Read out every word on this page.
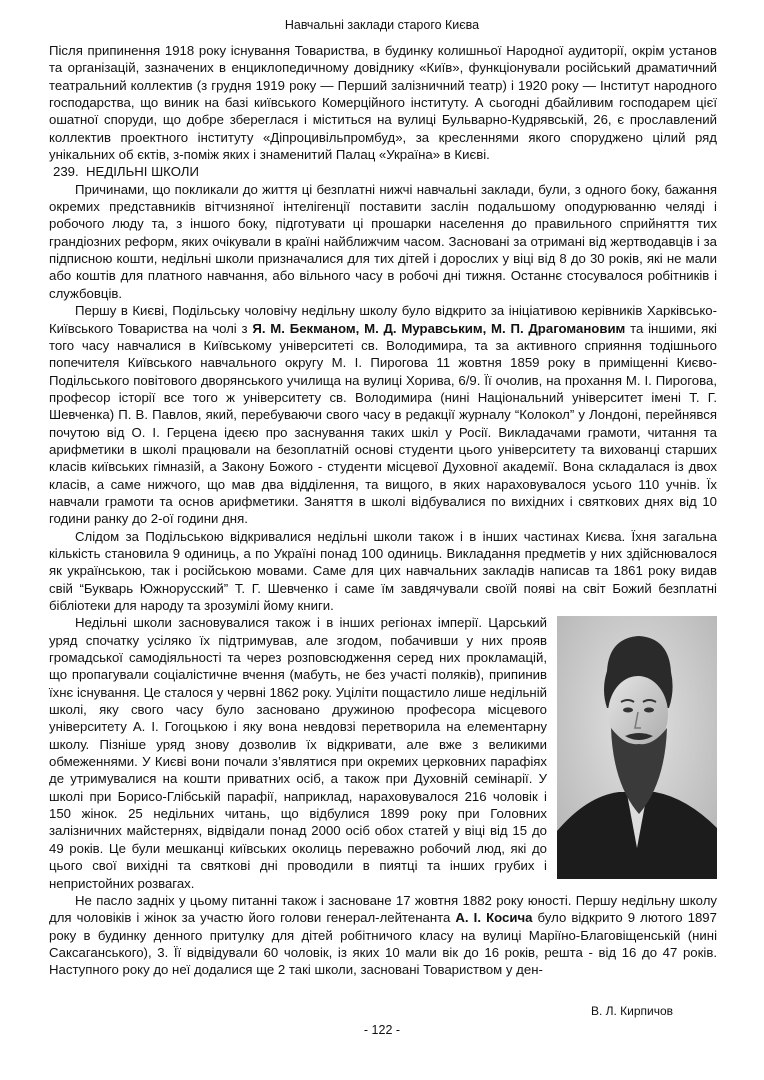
Навчальні заклади старого Києва

Після припинення 1918 року існування Товариства, в будинку колишньої Народної аудиторії, окрім установ та організацій, зазначених в енциклопедичному довіднику «Київ», функціонували російський драматичний театральний коллектив (з грудня 1919 року — Перший залізничний театр) і 1920 року — Інститут народного господарства, що виник на базі київського Комерційного інституту. А сьогодні дбайливим господарем цієї ошатної споруди, що добре збереглася і міститься на вулиці Бульварно-Кудрявській, 26, є прославлений коллектив проектного інституту «Діпроцивільпромбуд», за кресленнями якого споруджено цілий ряд унікальних об єктів, з-поміж яких і знаменитий Палац «Україна» в Києві.

239. НЕДІЛЬНІ ШКОЛИ

Причинами, що покликали до життя ці безплатні нижчі навчальні заклади, були, з одного боку, бажання окремих представників вітчизняної інтелігенції поставити заслін подальшому оподурюванню челяді і робочого люду та, з іншого боку, підготувати ці прошарки населення до правильного сприйняття тих грандіозних реформ, яких очікували в країні найближчим часом. Засновані за отриманi від жертводавців і за підписною кошти, недільні школи призначалися для тих дітей і дорослих у віці від 8 до 30 років, які не мали або коштів для платного навчання, або вільного часу в робочі дні тижня. Останнє стосувалося робітників і службовців.

Першу в Києві, Подільську чоловічу недільну школу було відкрито за ініціативою керівників Харківсько-Київського Товариства на чолі з Я. М. Бекманом, М. Д. Муравським, М. П. Драгомановим та іншими, які того часу навчалися в Київському університеті св. Володимира, та за активного сприяння тодішнього попечителя Київського навчального округу М. І. Пирогова 11 жовтня 1859 року в приміщенні Києво-Подільського повітового дворянського училища на вулиці Хорива, 6/9. Її очолив, на прохання М. І. Пирогова, професор історії все того ж університету св. Володимира (нині Національний університет імені Т. Г. Шевченка) П. В. Павлов, який, перебуваючи свого часу в редакції журналу “Колокол” у Лондоні, перейнявся почутою від О. І. Герцена ідеєю про заснування таких шкіл у Росії. Викладачами грамоти, читання та арифметики в школі працювали на безоплатній основі студенти цього університету та вихованці старших класів київських гімназій, а Закону Божого - студенти місцевої Духовної академії. Вона складалася із двох класів, а саме нижчого, що мав два відділення, та вищого, в яких нараховувалося усього 110 учнів. Їх навчали грамоти та основ арифметики. Заняття в школі відбувалися по вихідних і святкових днях від 10 години ранку до 2-ої години дня.

Слідом за Подільською відкривалися недільні школи також і в інших частинах Києва. Їхня загальна кількість становила 9 одиниць, а по Україні понад 100 одиниць. Викладання предметів у них здійснювалося як українською, так і російською мовами. Саме для цих навчальних закладів написав та 1861 року видав свій “Букварь Южнорусский” Т. Г. Шевченко і саме їм завдячували своїй появі на світ Божий безплатні бібліотеки для народу та зрозумілі йому книги.

Недільні школи засновувалися також і в інших регіонах імперії. Царський уряд спочатку усіляко їх підтримував, але згодом, побачивши у них прояв громадської самодіяльності та через розповсюдження серед них прокламацій, що пропагували соціалістичне вчення (мабуть, не без участі поляків), припинив їхнє існування. Це сталося у червні 1862 року. Уцілiти пощастило лише недільній школі, яку свого часу було засновано дружиною професора місцевого університету А. І. Гогоцькою і яку вона невдовзі перетворила на елементарну школу. Пізніше уряд знову дозволив їх відкривати, але вже з великими обмеженнями. У Києві вони почали з’являтися при окремих церковних парафіях де утримувалися на кошти приватних осіб, а також при Духовній семінарії. У школі при Борисо-Глібській парафії, наприклад, нараховувалося 216 чоловік і 150 жінок. 25 недільних читань, що відбулися 1899 року при Головних залізничних майстернях, відвідали понад 2000 осіб обох статей у віці від 15 до 49 років. Це були мешканці київських околиць переважно робочий люд, які до цього свої вихідні та святкові дні проводили в пиятці та інших грубих і непристойних розвагах.

Не пасло задніх у цьому питанні також і засноване 17 жовтня 1882 року юності. Першу недільну школу для чоловіків і жінок за участю його голови генерал-лейтенанта А. І. Косича було відкрито 9 лютого 1897 року в будинку денного притулку для дітей робітничого класу на вулиці Маріїно-Благовіщенській (нині Саксаганського), 3. Її відвідували 60 чоловік, із яких 10 мали вік до 16 років, решта - від 16 до 47 років. Наступного року до неї додалися ще 2 такі школи, засновані Товариством у ден-

В. Л. Кирпичов
- 122 -
